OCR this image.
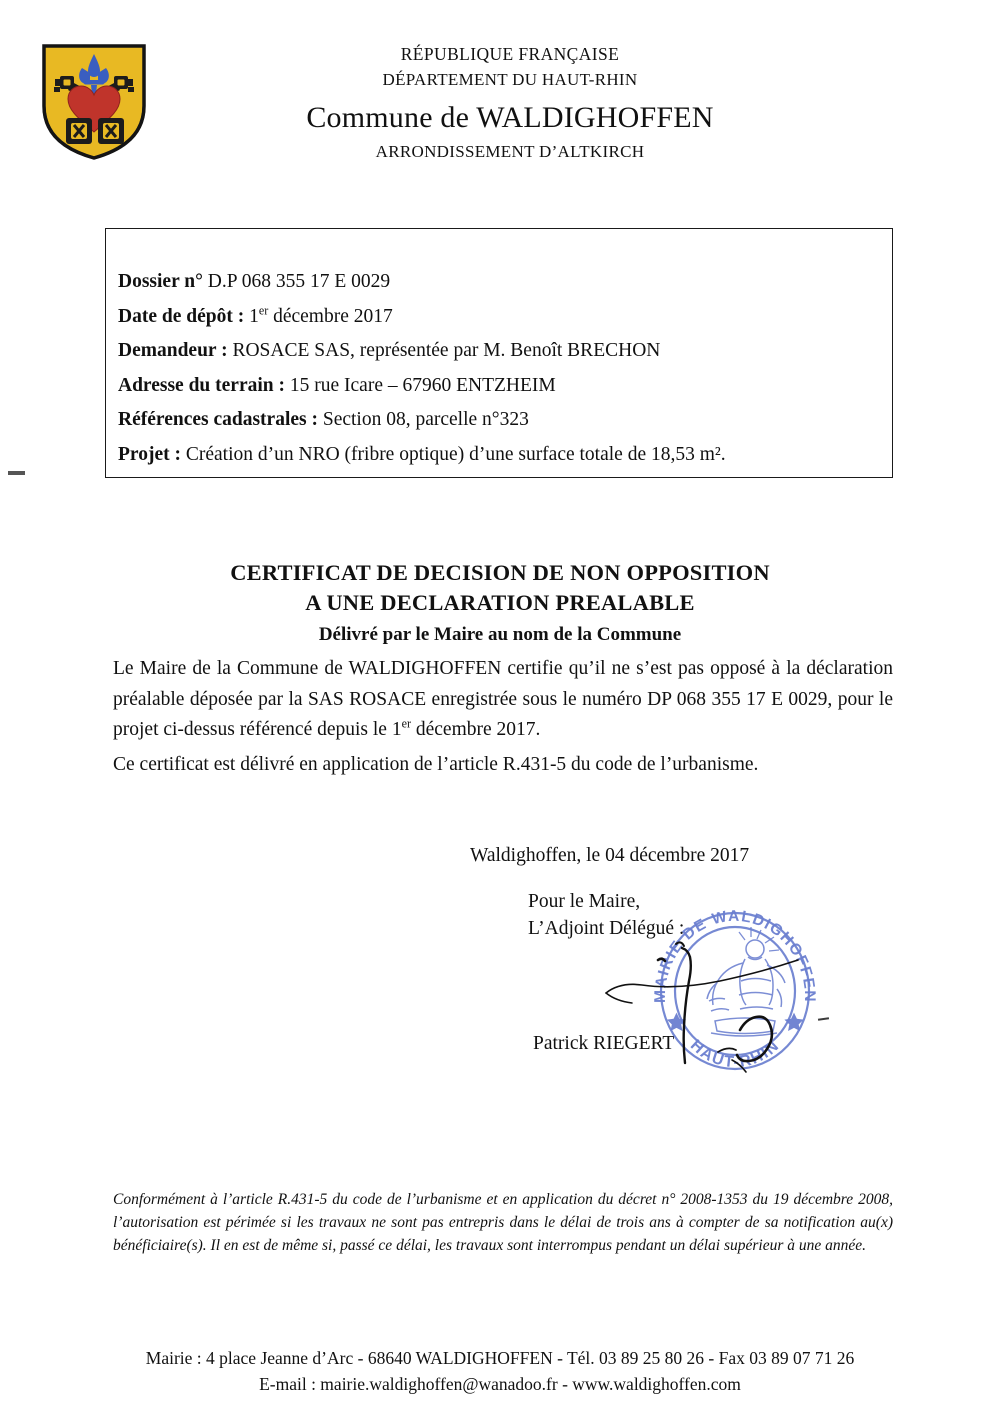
RÉPUBLIQUE FRANÇAISE
DÉPARTEMENT DU HAUT-RHIN
Commune de WALDIGHOFFEN
ARRONDISSEMENT D’ALTKIRCH
Dossier n° D.P 068 355 17 E 0029
Date de dépôt : 1er décembre 2017
Demandeur : ROSACE SAS, représentée par M. Benoît BRECHON
Adresse du terrain : 15 rue Icare – 67960 ENTZHEIM
Références cadastrales : Section 08, parcelle n°323
Projet : Création d’un NRO (fribre optique) d’une surface totale de 18,53 m².
CERTIFICAT DE DECISION DE NON OPPOSITION
A UNE DECLARATION PREALABLE
Délivré par le Maire au nom de la Commune
Le Maire de la Commune de WALDIGHOFFEN certifie qu’il ne s’est pas opposé à la déclaration préalable déposée par la SAS ROSACE enregistrée sous le numéro DP 068 355 17 E 0029, pour le projet ci-dessus référencé depuis le 1er décembre 2017.
Ce certificat est délivré en application de l’article R.431-5 du code de l’urbanisme.
Waldighoffen, le 04 décembre 2017
Pour le Maire,
L’Adjoint Délégué :
Patrick RIEGERT
MAIRIE DE WALDIGHOFFEN
HAUT-RHIN
Conformément à l’article R.431-5 du code de l’urbanisme et en application du décret n° 2008-1353 du 19 décembre 2008, l’autorisation est périmée si les travaux ne sont pas entrepris dans le délai de trois ans à compter de sa notification au(x) bénéficiaire(s). Il en est de même si, passé ce délai, les travaux sont interrompus pendant un délai supérieur à une année.
Mairie : 4 place Jeanne d’Arc - 68640 WALDIGHOFFEN - Tél. 03 89 25 80 26 - Fax 03 89 07 71 26
E-mail : mairie.waldighoffen@wanadoo.fr - www.waldighoffen.com
